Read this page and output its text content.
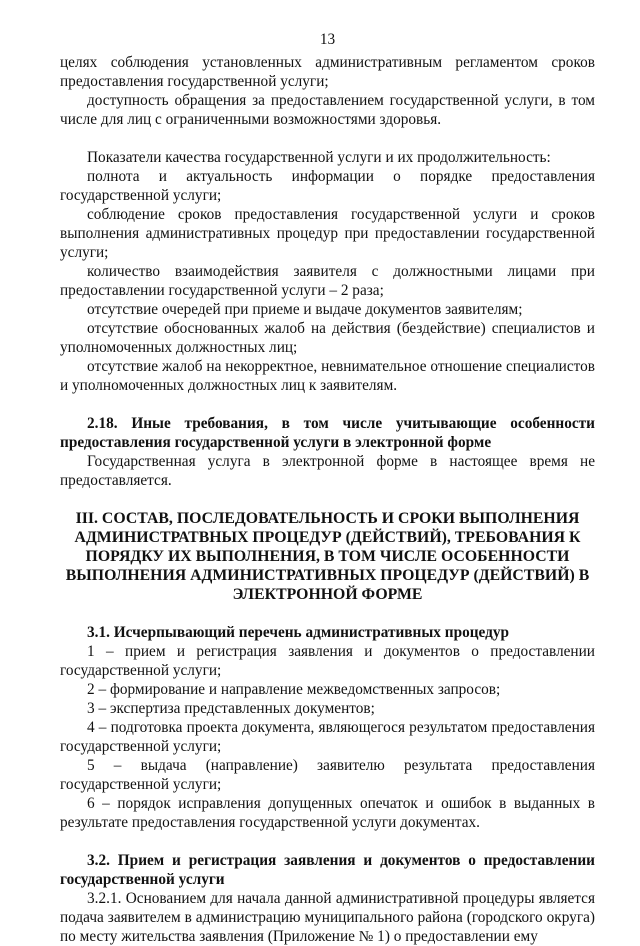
13

целях соблюдения установленных административным регламентом сроков предоставления государственной услуги;

доступность обращения за предоставлением государственной услуги, в том числе для лиц с ограниченными возможностями здоровья.

Показатели качества государственной услуги и их продолжительность:

полнота и актуальность информации о порядке предоставления государственной услуги;

соблюдение сроков предоставления государственной услуги и сроков выполнения административных процедур при предоставлении государственной услуги;

количество взаимодействия заявителя с должностными лицами при предоставлении государственной услуги – 2 раза;

отсутствие очередей при приеме и выдаче документов заявителям;

отсутствие обоснованных жалоб на действия (бездействие) специалистов и уполномоченных должностных лиц;

отсутствие жалоб на некорректное, невнимательное отношение специалистов и уполномоченных должностных лиц к заявителям.

2.18. Иные требования, в том числе учитывающие особенности предоставления государственной услуги в электронной форме

Государственная услуга в электронной форме в настоящее время не предоставляется.

III. СОСТАВ, ПОСЛЕДОВАТЕЛЬНОСТЬ И СРОКИ ВЫПОЛНЕНИЯ

АДМИНИСТРАТВНЫХ ПРОЦЕДУР (ДЕЙСТВИЙ), ТРЕБОВАНИЯ К

ПОРЯДКУ ИХ ВЫПОЛНЕНИЯ, В ТОМ ЧИСЛЕ ОСОБЕННОСТИ

ВЫПОЛНЕНИЯ АДМИНИСТРАТИВНЫХ ПРОЦЕДУР (ДЕЙСТВИЙ) В

ЭЛЕКТРОННОЙ ФОРМЕ

3.1. Исчерпывающий перечень административных процедур

1 – прием и регистрация заявления и документов о предоставлении государственной услуги;

2 – формирование и направление межведомственных запросов;

3 – экспертиза представленных документов;

4 – подготовка проекта документа, являющегося результатом предоставления государственной услуги;

5 – выдача (направление) заявителю результата предоставления государственной услуги;

6 – порядок исправления допущенных опечаток и ошибок в выданных в результате предоставления государственной услуги документах.

3.2. Прием и регистрация заявления и документов о предоставлении государственной услуги

3.2.1. Основанием для начала данной административной процедуры является подача заявителем в администрацию муниципального района (городского округа) по месту жительства заявления (Приложение № 1) о предоставлении ему
